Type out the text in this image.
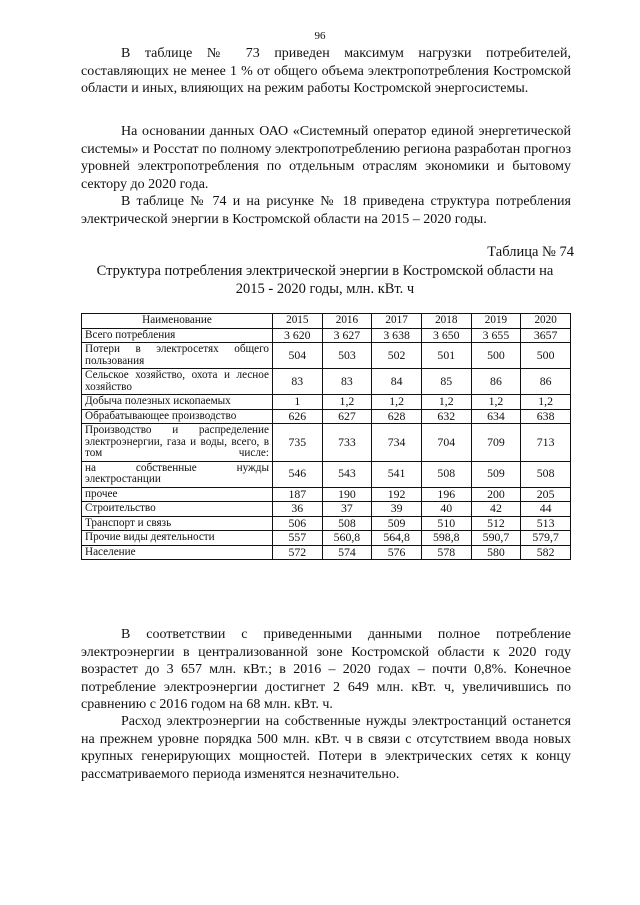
96

В таблице № 73 приведен максимум нагрузки потребителей, составляющих не менее 1 % от общего объема электропотребления Костромской области и иных, влияющих на режим работы Костромской энергосистемы.

На основании данных ОАО «Системный оператор единой энергетической системы» и Росстат по полному электропотреблению региона разработан прогноз уровней электропотребления по отдельным отраслям экономики и бытовому сектору до 2020 года.

В таблице № 74 и на рисунке № 18 приведена структура потребления электрической энергии в Костромской области на 2015 – 2020 годы.

Таблица № 74
Структура потребления электрической энергии в Костромской области на
2015 - 2020 годы, млн. кВт. ч
Наименование	2015	2016	2017	2018	2019	2020
Всего потребления	3 620	3 627	3 638	3 650	3 655	3657
Потери в электросетях общего пользования	504	503	502	501	500	500
Сельское хозяйство, охота и лесное хозяйство	83	83	84	85	86	86
Добыча полезных ископаемых	1	1,2	1,2	1,2	1,2	1,2
Обрабатывающее производство	626	627	628	632	634	638
Производство и распределение электроэнергии, газа и воды, всего, в том числе:	735	733	734	704	709	713
на собственные нужды электростанции	546	543	541	508	509	508
прочее	187	190	192	196	200	205
Строительство	36	37	39	40	42	44
Транспорт и связь	506	508	509	510	512	513
Прочие виды деятельности	557	560,8	564,8	598,8	590,7	579,7
Население	572	574	576	578	580	582

В соответствии с приведенными данными полное потребление электроэнергии в централизованной зоне Костромской области к 2020 году возрастет до 3 657 млн. кВт.; в 2016 – 2020 годах – почти 0,8%. Конечное потребление электроэнергии достигнет 2 649 млн. кВт. ч, увеличившись по сравнению с 2016 годом на 68 млн. кВт. ч.

Расход электроэнергии на собственные нужды электростанций останется на прежнем уровне порядка 500 млн. кВт. ч в связи с отсутствием ввода новых крупных генерирующих мощностей. Потери в электрических сетях к концу рассматриваемого периода изменятся незначительно.
